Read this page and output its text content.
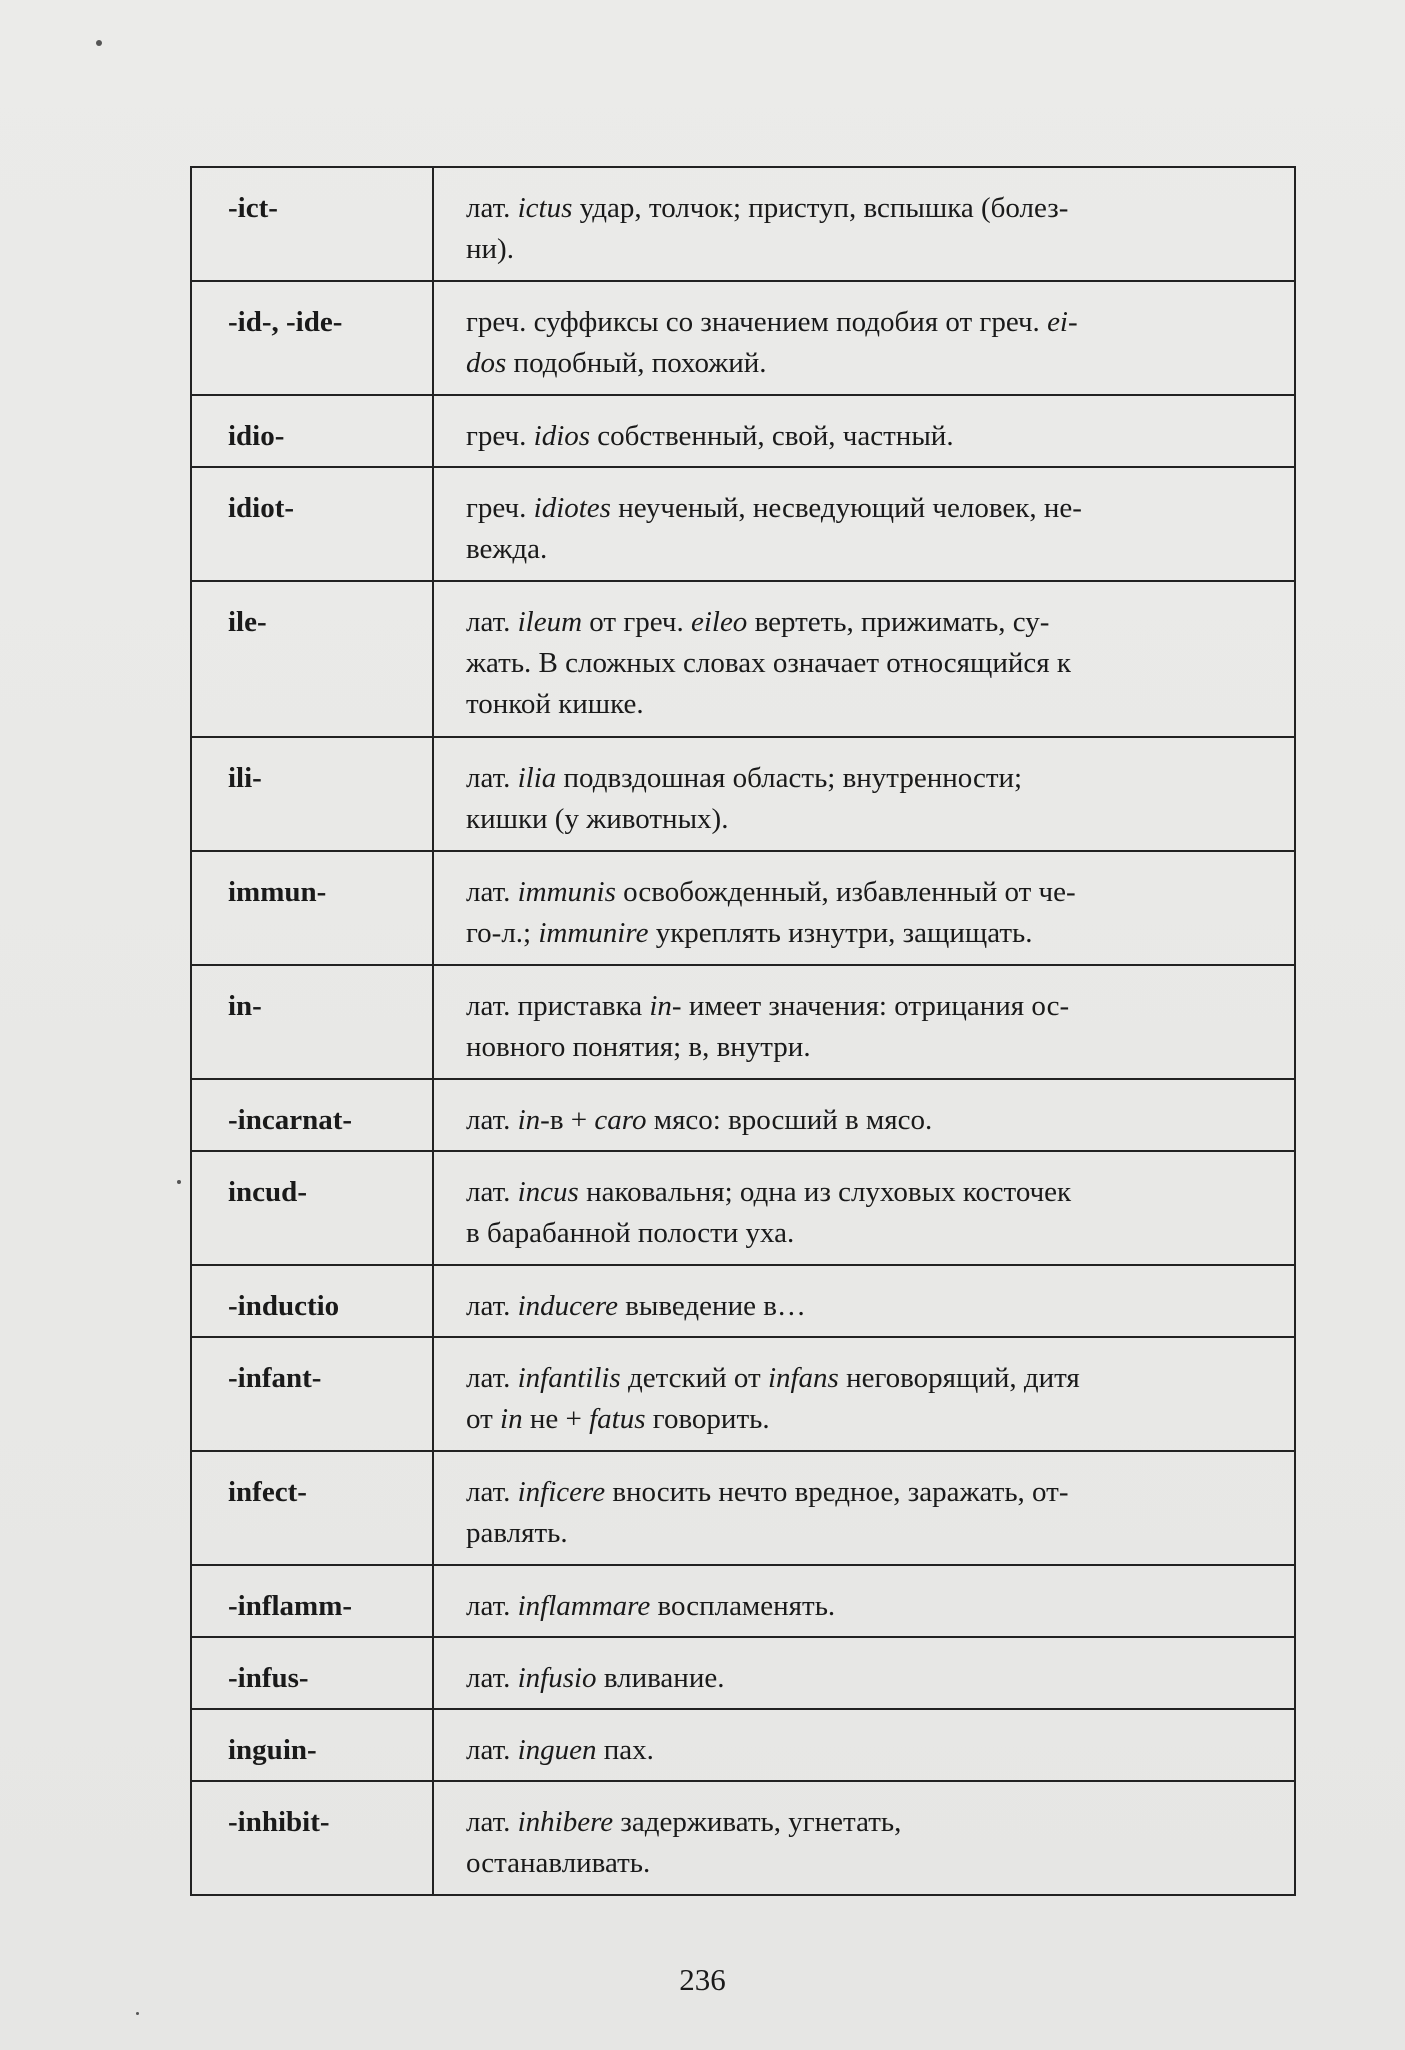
-ict-	лат. ictus удар, толчок; приступ, вспышка (болез-
ни).
-id-, -ide-	греч. суффиксы со значением подобия от греч. ei-
dos подобный, похожий.
idio-	греч. idios собственный, свой, частный.
idiot-	греч. idiotes неученый, несведующий человек, не-
вежда.
ile-	лат. ileum от греч. eileo вертеть, прижимать, су-
жать. В сложных словах означает относящийся к
тонкой кишке.
ili-	лат. ilia подвздошная область; внутренности;
кишки (у животных).
immun-	лат. immunis освобожденный, избавленный от че-
го-л.; immunire укреплять изнутри, защищать.
in-	лат. приставка in- имеет значения: отрицания ос-
новного понятия; в, внутри.
-incarnat-	лат. in-в + caro мясо: вросший в мясо.
incud-	лат. incus наковальня; одна из слуховых косточек
в барабанной полости уха.
-inductio	лат. inducere выведение в…
-infant-	лат. infantilis детский от infans неговорящий, дитя
от in не + fatus говорить.
infect-	лат. inficere вносить нечто вредное, заражать, от-
равлять.
-inflamm-	лат. inflammare воспламенять.
-infus-	лат. infusio вливание.
inguin-	лат. inguen пах.
-inhibit-	лат. inhibere задерживать, угнетать,
останавливать.
236
